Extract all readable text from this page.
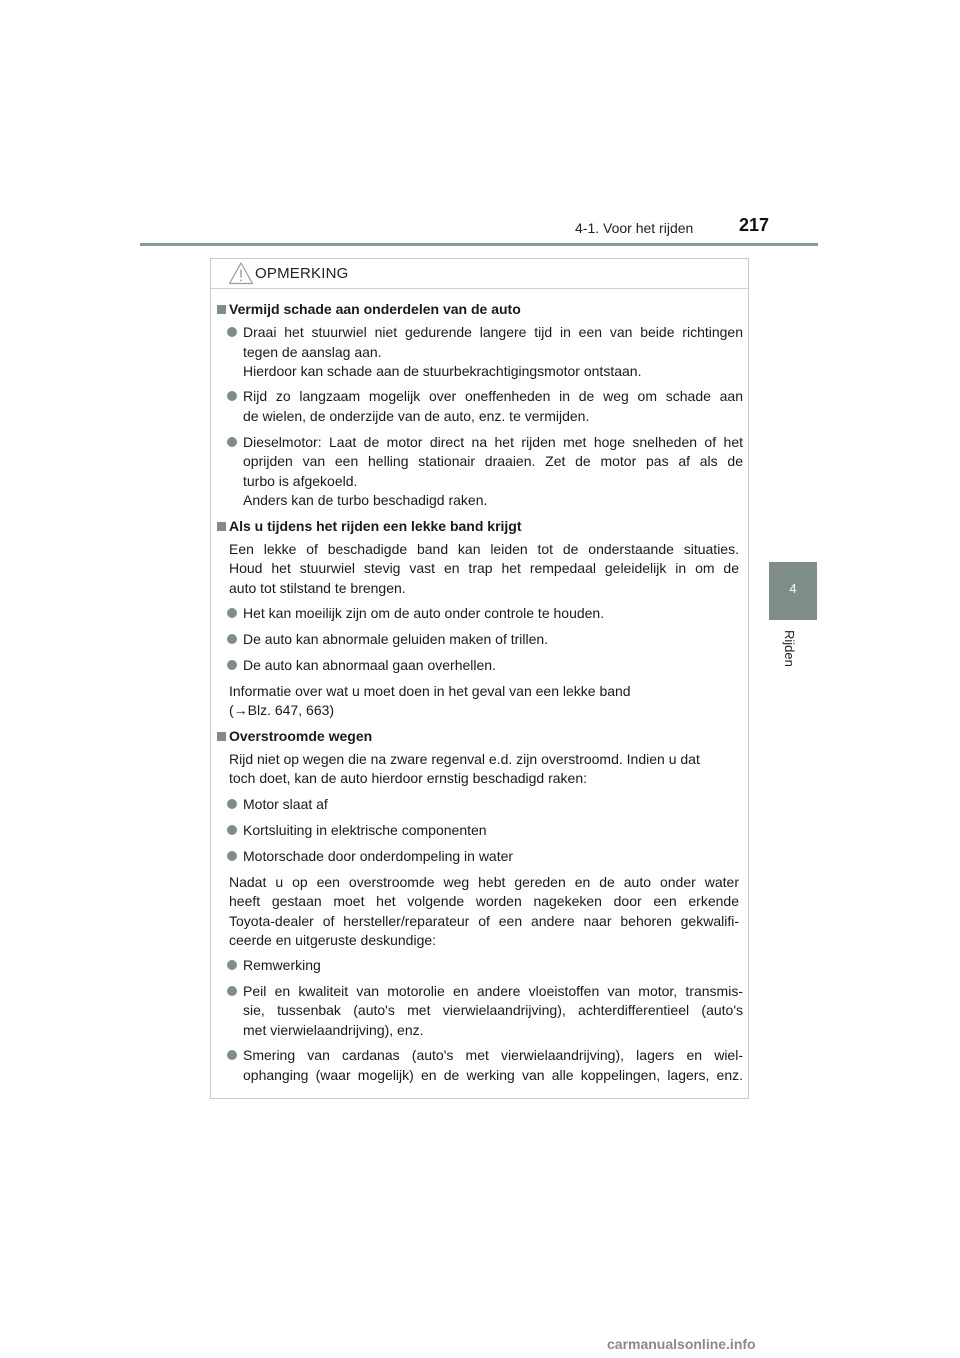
4-1. Voor het rijden	217
4
Rijden
OPMERKING
Vermijd schade aan onderdelen van de auto
Draai het stuurwiel niet gedurende langere tijd in een van beide richtingen
tegen de aanslag aan.
Hierdoor kan schade aan de stuurbekrachtigingsmotor ontstaan.
Rijd zo langzaam mogelijk over oneffenheden in de weg om schade aan
de wielen, de onderzijde van de auto, enz. te vermijden.
Dieselmotor: Laat de motor direct na het rijden met hoge snelheden of het
oprijden van een helling stationair draaien. Zet de motor pas af als de
turbo is afgekoeld.
Anders kan de turbo beschadigd raken.
Als u tijdens het rijden een lekke band krijgt
Een lekke of beschadigde band kan leiden tot de onderstaande situaties.
Houd het stuurwiel stevig vast en trap het rempedaal geleidelijk in om de
auto tot stilstand te brengen.
Het kan moeilijk zijn om de auto onder controle te houden.
De auto kan abnormale geluiden maken of trillen.
De auto kan abnormaal gaan overhellen.
Informatie over wat u moet doen in het geval van een lekke band
(→Blz. 647, 663)
Overstroomde wegen
Rijd niet op wegen die na zware regenval e.d. zijn overstroomd. Indien u dat
toch doet, kan de auto hierdoor ernstig beschadigd raken:
Motor slaat af
Kortsluiting in elektrische componenten
Motorschade door onderdompeling in water
Nadat u op een overstroomde weg hebt gereden en de auto onder water
heeft gestaan moet het volgende worden nagekeken door een erkende
Toyota-dealer of hersteller/reparateur of een andere naar behoren gekwalifi-
ceerde en uitgeruste deskundige:
Remwerking
Peil en kwaliteit van motorolie en andere vloeistoffen van motor, transmis-
sie, tussenbak (auto's met vierwielaandrijving), achterdifferentieel (auto's
met vierwielaandrijving), enz.
Smering van cardanas (auto's met vierwielaandrijving), lagers en wiel-
ophanging (waar mogelijk) en de werking van alle koppelingen, lagers, enz.
carmanualsonline.info
